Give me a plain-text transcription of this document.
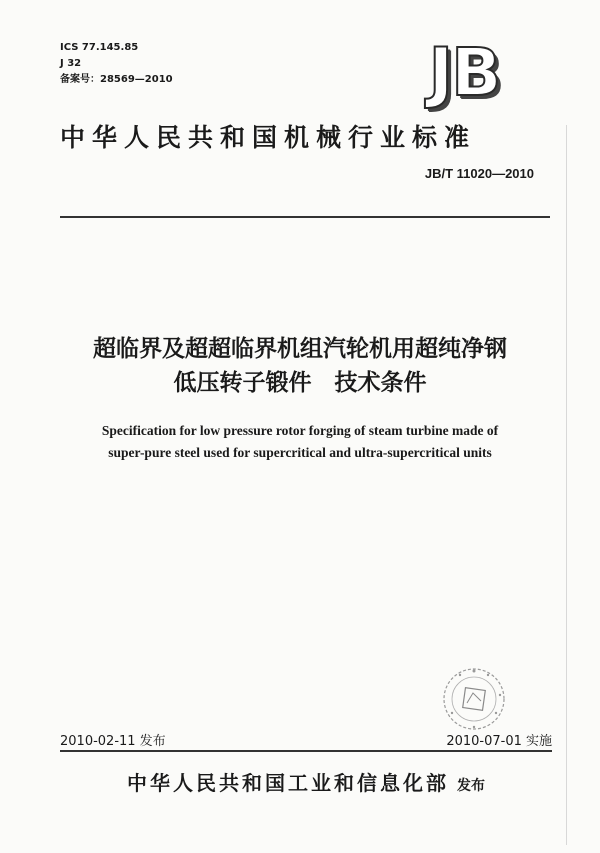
ICS 77.145.85
J 32
备案号：28569—2010	JB
中华人民共和国机械行业标准
JB/T 11020—2010
超临界及超超临界机组汽轮机用超纯净钢
低压转子锻件　技术条件
Specification for low pressure rotor forging of steam turbine made of
super-pure steel used for supercritical and ultra-supercritical units
2010-02-11 发布	2010-07-01 实施
中华人民共和国工业和信息化部 发布
